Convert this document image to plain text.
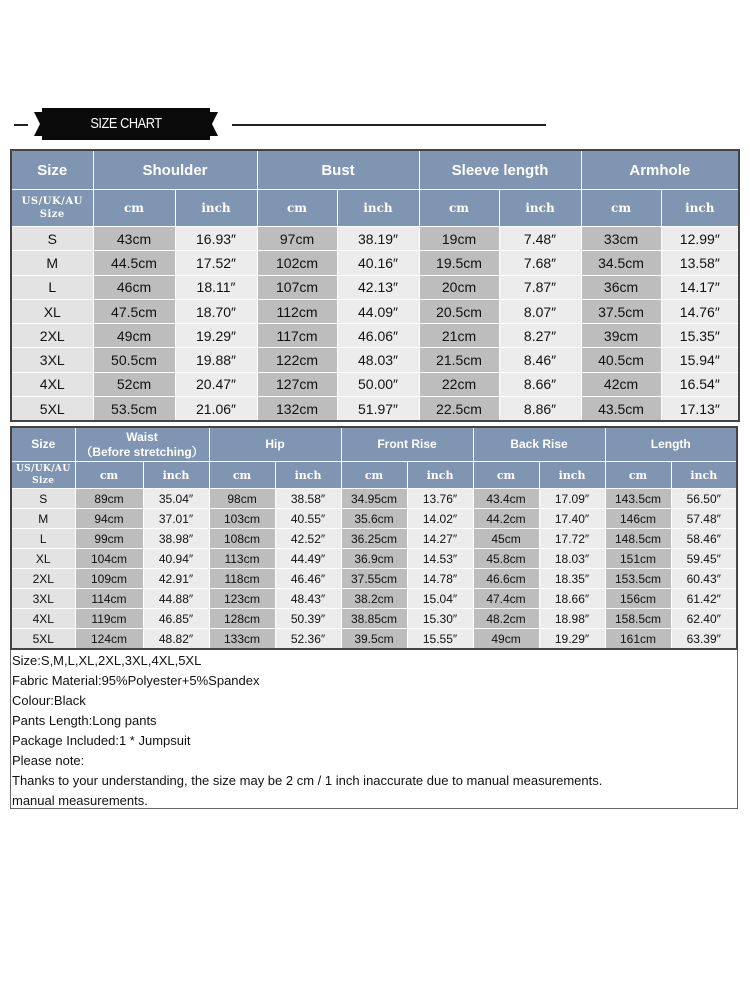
SIZE CHART
Size	Shoulder		Bust		Sleeve length		Armhole	
US/UK/AU
Size	cm	inch	cm	inch	cm	inch	cm	inch
S	43cm	16.93″	97cm	38.19″	19cm	7.48″	33cm	12.99″
M	44.5cm	17.52″	102cm	40.16″	19.5cm	7.68″	34.5cm	13.58″
L	46cm	18.11″	107cm	42.13″	20cm	7.87″	36cm	14.17″
XL	47.5cm	18.70″	112cm	44.09″	20.5cm	8.07″	37.5cm	14.76″
2XL	49cm	19.29″	117cm	46.06″	21cm	8.27″	39cm	15.35″
3XL	50.5cm	19.88″	122cm	48.03″	21.5cm	8.46″	40.5cm	15.94″
4XL	52cm	20.47″	127cm	50.00″	22cm	8.66″	42cm	16.54″
5XL	53.5cm	21.06″	132cm	51.97″	22.5cm	8.86″	43.5cm	17.13″
Size	Waist
（Before stretching）		Hip		Front Rise		Back Rise		Length	
US/UK/AU
Size	cm	inch	cm	inch	cm	inch	cm	inch	cm	inch
S	89cm	35.04″	98cm	38.58″	34.95cm	13.76″	43.4cm	17.09″	143.5cm	56.50″
M	94cm	37.01″	103cm	40.55″	35.6cm	14.02″	44.2cm	17.40″	146cm	57.48″
L	99cm	38.98″	108cm	42.52″	36.25cm	14.27″	45cm	17.72″	148.5cm	58.46″
XL	104cm	40.94″	113cm	44.49″	36.9cm	14.53″	45.8cm	18.03″	151cm	59.45″
2XL	109cm	42.91″	118cm	46.46″	37.55cm	14.78″	46.6cm	18.35″	153.5cm	60.43″
3XL	114cm	44.88″	123cm	48.43″	38.2cm	15.04″	47.4cm	18.66″	156cm	61.42″
4XL	119cm	46.85″	128cm	50.39″	38.85cm	15.30″	48.2cm	18.98″	158.5cm	62.40″
5XL	124cm	48.82″	133cm	52.36″	39.5cm	15.55″	49cm	19.29″	161cm	63.39″
Size:S,M,L,XL,2XL,3XL,4XL,5XL
Fabric Material:95%Polyester+5%Spandex
Colour:Black
Pants Length:Long pants
Package Included:1 * Jumpsuit
Please note:
Thanks to your understanding, the size may be 2 cm / 1 inch inaccurate due to manual measurements.
manual measurements.
